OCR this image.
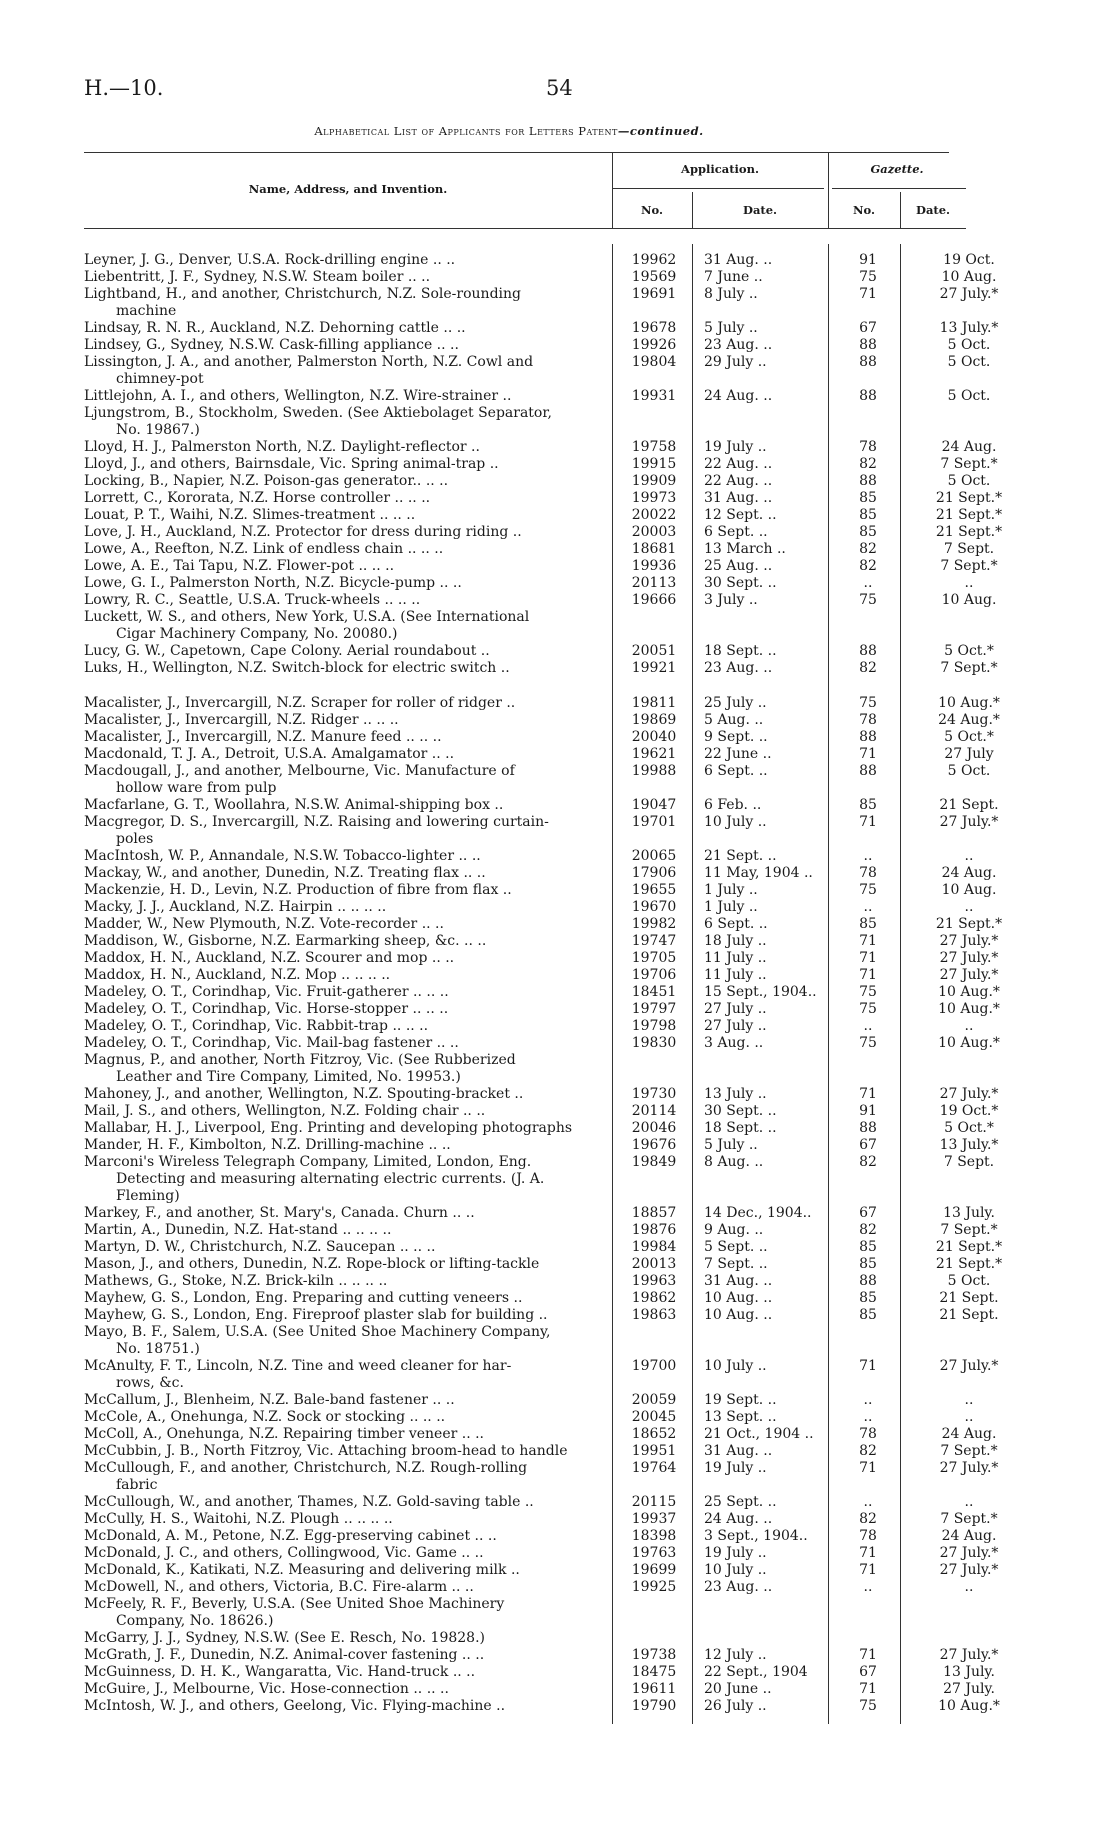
H.—10.	54
Alphabetical List of Applicants for Letters Patent—continued.
Name, Address, and Invention.
Application.	Gazette.
No.	Date.	No.	Date.
Leyner, J. G., Denver, U.S.A. Rock-drilling engine .. ..	19962	31 Aug. ..	91	19 Oct.
Liebentritt, J. F., Sydney, N.S.W. Steam boiler .. ..	19569	7 June ..	75	10 Aug.
Lightband, H., and another, Christchurch, N.Z. Sole-rounding	19691	8 July ..	71	27 July.*
machine
Lindsay, R. N. R., Auckland, N.Z. Dehorning cattle .. ..	19678	5 July ..	67	13 July.*
Lindsey, G., Sydney, N.S.W. Cask-filling appliance .. ..	19926	23 Aug. ..	88	5 Oct.
Lissington, J. A., and another, Palmerston North, N.Z. Cowl and	19804	29 July ..	88	5 Oct.
chimney-pot
Littlejohn, A. I., and others, Wellington, N.Z. Wire-strainer ..	19931	24 Aug. ..	88	5 Oct.
Ljungstrom, B., Stockholm, Sweden. (See Aktiebolaget Separator,
No. 19867.)
Lloyd, H. J., Palmerston North, N.Z. Daylight-reflector ..	19758	19 July ..	78	24 Aug.
Lloyd, J., and others, Bairnsdale, Vic. Spring animal-trap ..	19915	22 Aug. ..	82	7 Sept.*
Locking, B., Napier, N.Z. Poison-gas generator.. .. ..	19909	22 Aug. ..	88	5 Oct.
Lorrett, C., Kororata, N.Z. Horse controller .. .. ..	19973	31 Aug. ..	85	21 Sept.*
Louat, P. T., Waihi, N.Z. Slimes-treatment .. .. ..	20022	12 Sept. ..	85	21 Sept.*
Love, J. H., Auckland, N.Z. Protector for dress during riding ..	20003	6 Sept. ..	85	21 Sept.*
Lowe, A., Reefton, N.Z. Link of endless chain .. .. ..	18681	13 March ..	82	7 Sept.
Lowe, A. E., Tai Tapu, N.Z. Flower-pot .. .. ..	19936	25 Aug. ..	82	7 Sept.*
Lowe, G. I., Palmerston North, N.Z. Bicycle-pump .. ..	20113	30 Sept. ..	..	..
Lowry, R. C., Seattle, U.S.A. Truck-wheels .. .. ..	19666	3 July ..	75	10 Aug.
Luckett, W. S., and others, New York, U.S.A. (See International
Cigar Machinery Company, No. 20080.)
Lucy, G. W., Capetown, Cape Colony. Aerial roundabout ..	20051	18 Sept. ..	88	5 Oct.*
Luks, H., Wellington, N.Z. Switch-block for electric switch ..	19921	23 Aug. ..	82	7 Sept.*
Macalister, J., Invercargill, N.Z. Scraper for roller of ridger ..	19811	25 July ..	75	10 Aug.*
Macalister, J., Invercargill, N.Z. Ridger .. .. ..	19869	5 Aug. ..	78	24 Aug.*
Macalister, J., Invercargill, N.Z. Manure feed .. .. ..	20040	9 Sept. ..	88	5 Oct.*
Macdonald, T. J. A., Detroit, U.S.A. Amalgamator .. ..	19621	22 June ..	71	27 July
Macdougall, J., and another, Melbourne, Vic. Manufacture of	19988	6 Sept. ..	88	5 Oct.
hollow ware from pulp
Macfarlane, G. T., Woollahra, N.S.W. Animal-shipping box ..	19047	6 Feb. ..	85	21 Sept.
Macgregor, D. S., Invercargill, N.Z. Raising and lowering curtain-	19701	10 July ..	71	27 July.*
poles
MacIntosh, W. P., Annandale, N.S.W. Tobacco-lighter .. ..	20065	21 Sept. ..	..	..
Mackay, W., and another, Dunedin, N.Z. Treating flax .. ..	17906	11 May, 1904 ..	78	24 Aug.
Mackenzie, H. D., Levin, N.Z. Production of fibre from flax ..	19655	1 July ..	75	10 Aug.
Macky, J. J., Auckland, N.Z. Hairpin .. .. .. ..	19670	1 July ..	..	..
Madder, W., New Plymouth, N.Z. Vote-recorder .. ..	19982	6 Sept. ..	85	21 Sept.*
Maddison, W., Gisborne, N.Z. Earmarking sheep, &c. .. ..	19747	18 July ..	71	27 July.*
Maddox, H. N., Auckland, N.Z. Scourer and mop .. ..	19705	11 July ..	71	27 July.*
Maddox, H. N., Auckland, N.Z. Mop .. .. .. ..	19706	11 July ..	71	27 July.*
Madeley, O. T., Corindhap, Vic. Fruit-gatherer .. .. ..	18451	15 Sept., 1904..	75	10 Aug.*
Madeley, O. T., Corindhap, Vic. Horse-stopper .. .. ..	19797	27 July ..	75	10 Aug.*
Madeley, O. T., Corindhap, Vic. Rabbit-trap .. .. ..	19798	27 July ..	..	..
Madeley, O. T., Corindhap, Vic. Mail-bag fastener .. ..	19830	3 Aug. ..	75	10 Aug.*
Magnus, P., and another, North Fitzroy, Vic. (See Rubberized
Leather and Tire Company, Limited, No. 19953.)
Mahoney, J., and another, Wellington, N.Z. Spouting-bracket ..	19730	13 July ..	71	27 July.*
Mail, J. S., and others, Wellington, N.Z. Folding chair .. ..	20114	30 Sept. ..	91	19 Oct.*
Mallabar, H. J., Liverpool, Eng. Printing and developing photographs	20046	18 Sept. ..	88	5 Oct.*
Mander, H. F., Kimbolton, N.Z. Drilling-machine .. ..	19676	5 July ..	67	13 July.*
Marconi's Wireless Telegraph Company, Limited, London, Eng.	19849	8 Aug. ..	82	7 Sept.
Detecting and measuring alternating electric currents. (J. A.
Fleming)
Markey, F., and another, St. Mary's, Canada. Churn .. ..	18857	14 Dec., 1904..	67	13 July.
Martin, A., Dunedin, N.Z. Hat-stand .. .. .. ..	19876	9 Aug. ..	82	7 Sept.*
Martyn, D. W., Christchurch, N.Z. Saucepan .. .. ..	19984	5 Sept. ..	85	21 Sept.*
Mason, J., and others, Dunedin, N.Z. Rope-block or lifting-tackle	20013	7 Sept. ..	85	21 Sept.*
Mathews, G., Stoke, N.Z. Brick-kiln .. .. .. ..	19963	31 Aug. ..	88	5 Oct.
Mayhew, G. S., London, Eng. Preparing and cutting veneers ..	19862	10 Aug. ..	85	21 Sept.
Mayhew, G. S., London, Eng. Fireproof plaster slab for building ..	19863	10 Aug. ..	85	21 Sept.
Mayo, B. F., Salem, U.S.A. (See United Shoe Machinery Company,
No. 18751.)
McAnulty, F. T., Lincoln, N.Z. Tine and weed cleaner for har-	19700	10 July ..	71	27 July.*
rows, &c.
McCallum, J., Blenheim, N.Z. Bale-band fastener .. ..	20059	19 Sept. ..	..	..
McCole, A., Onehunga, N.Z. Sock or stocking .. .. ..	20045	13 Sept. ..	..	..
McColl, A., Onehunga, N.Z. Repairing timber veneer .. ..	18652	21 Oct., 1904 ..	78	24 Aug.
McCubbin, J. B., North Fitzroy, Vic. Attaching broom-head to handle	19951	31 Aug. ..	82	7 Sept.*
McCullough, F., and another, Christchurch, N.Z. Rough-rolling	19764	19 July ..	71	27 July.*
fabric
McCullough, W., and another, Thames, N.Z. Gold-saving table ..	20115	25 Sept. ..	..	..
McCully, H. S., Waitohi, N.Z. Plough .. .. .. ..	19937	24 Aug. ..	82	7 Sept.*
McDonald, A. M., Petone, N.Z. Egg-preserving cabinet .. ..	18398	3 Sept., 1904..	78	24 Aug.
McDonald, J. C., and others, Collingwood, Vic. Game .. ..	19763	19 July ..	71	27 July.*
McDonald, K., Katikati, N.Z. Measuring and delivering milk ..	19699	10 July ..	71	27 July.*
McDowell, N., and others, Victoria, B.C. Fire-alarm .. ..	19925	23 Aug. ..	..	..
McFeely, R. F., Beverly, U.S.A. (See United Shoe Machinery
Company, No. 18626.)
McGarry, J. J., Sydney, N.S.W. (See E. Resch, No. 19828.)
McGrath, J. F., Dunedin, N.Z. Animal-cover fastening .. ..	19738	12 July ..	71	27 July.*
McGuinness, D. H. K., Wangaratta, Vic. Hand-truck .. ..	18475	22 Sept., 1904	67	13 July.
McGuire, J., Melbourne, Vic. Hose-connection .. .. ..	19611	20 June ..	71	27 July.
McIntosh, W. J., and others, Geelong, Vic. Flying-machine ..	19790	26 July ..	75	10 Aug.*
